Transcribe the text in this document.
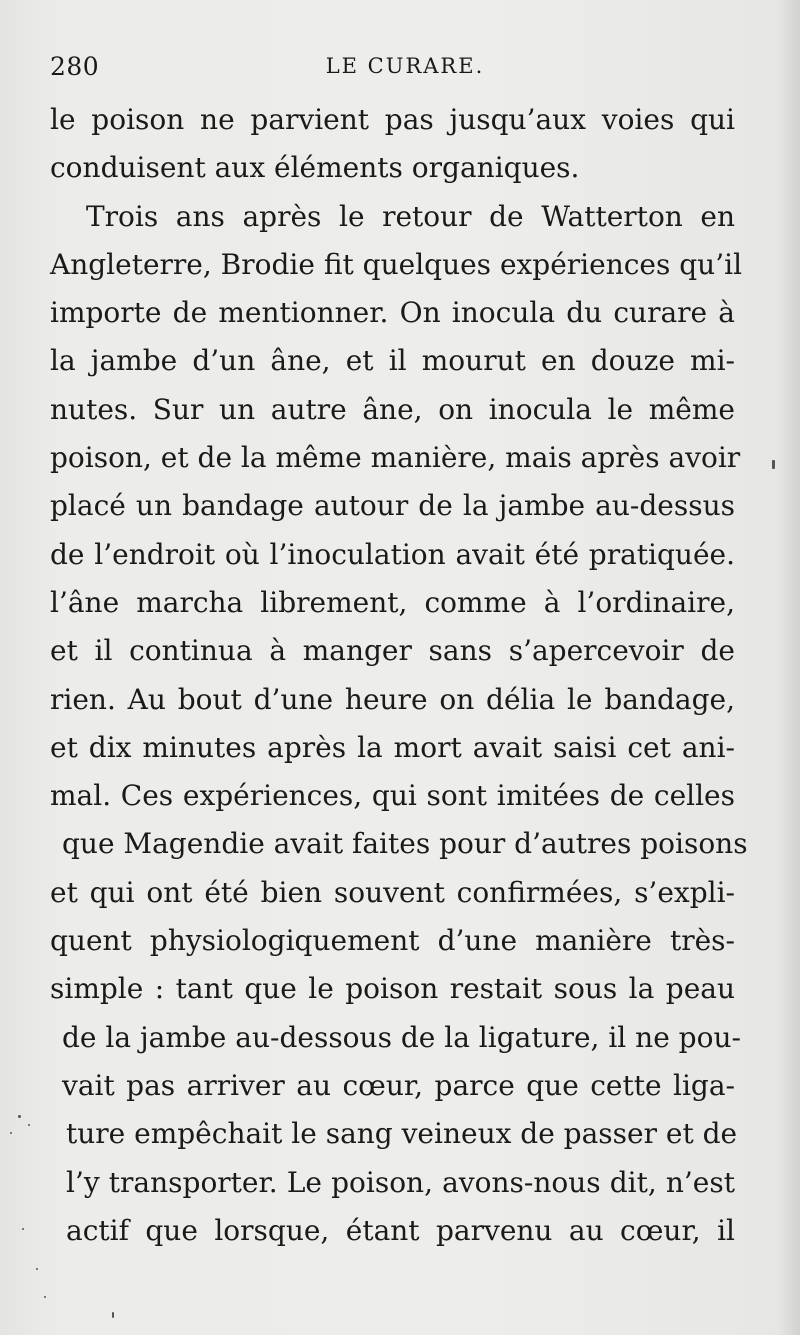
280	LE CURARE.
le poison ne parvient pas jusqu’aux voies qui
conduisent aux éléments organiques.
Trois ans après le retour de Watterton en
Angleterre, Brodie fit quelques expériences qu’il
importe de mentionner. On inocula du curare à
la jambe d’un âne, et il mourut en douze mi-
nutes. Sur un autre âne, on inocula le même
poison, et de la même manière, mais après avoir
placé un bandage autour de la jambe au-dessus
de l’endroit où l’inoculation avait été pratiquée.
l’âne marcha librement, comme à l’ordinaire,
et il continua à manger sans s’apercevoir de
rien. Au bout d’une heure on délia le bandage,
et dix minutes après la mort avait saisi cet ani-
mal. Ces expériences, qui sont imitées de celles
que Magendie avait faites pour d’autres poisons
et qui ont été bien souvent confirmées, s’expli-
quent physiologiquement d’une manière très-
simple : tant que le poison restait sous la peau
de la jambe au-dessous de la ligature, il ne pou-
vait pas arriver au cœur, parce que cette liga-
ture empêchait le sang veineux de passer et de
l’y transporter. Le poison, avons-nous dit, n’est
actif que lorsque, étant parvenu au cœur, il
